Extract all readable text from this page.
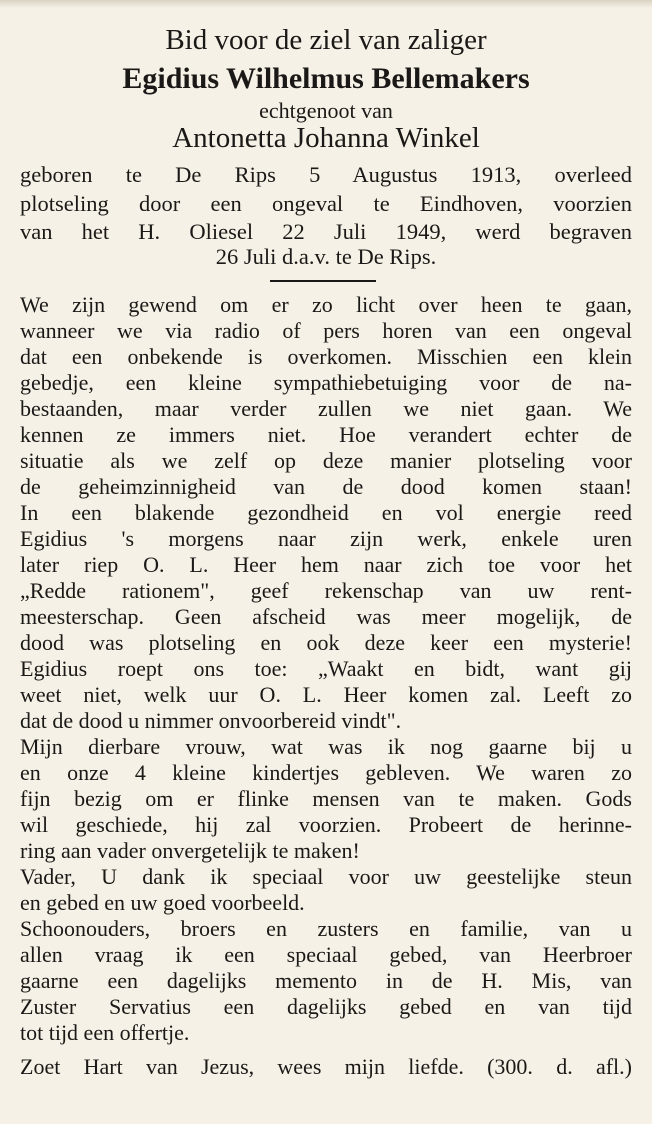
Bid voor de ziel van zaliger
Egidius Wilhelmus Bellemakers
echtgenoot van
Antonetta Johanna Winkel
geboren te De Rips 5 Augustus 1913, overleed
plotseling door een ongeval te Eindhoven, voorzien
van het H. Oliesel 22 Juli 1949, werd begraven
26 Juli d.a.v. te De Rips.
We zijn gewend om er zo licht over heen te gaan,
wanneer we via radio of pers horen van een ongeval
dat een onbekende is overkomen. Misschien een klein
gebedje, een kleine sympathiebetuiging voor de na-
bestaanden, maar verder zullen we niet gaan. We
kennen ze immers niet. Hoe verandert echter de
situatie als we zelf op deze manier plotseling voor
de geheimzinnigheid van de dood komen staan!
In een blakende gezondheid en vol energie reed
Egidius 's morgens naar zijn werk, enkele uren
later riep O. L. Heer hem naar zich toe voor het
„Redde rationem", geef rekenschap van uw rent-
meesterschap. Geen afscheid was meer mogelijk, de
dood was plotseling en ook deze keer een mysterie!
Egidius roept ons toe: „Waakt en bidt, want gij
weet niet, welk uur O. L. Heer komen zal. Leeft zo
dat de dood u nimmer onvoorbereid vindt".
Mijn dierbare vrouw, wat was ik nog gaarne bij u
en onze 4 kleine kindertjes gebleven. We waren zo
fijn bezig om er flinke mensen van te maken. Gods
wil geschiede, hij zal voorzien. Probeert de herinne-
ring aan vader onvergetelijk te maken!
Vader, U dank ik speciaal voor uw geestelijke steun
en gebed en uw goed voorbeeld.
Schoonouders, broers en zusters en familie, van u
allen vraag ik een speciaal gebed, van Heerbroer
gaarne een dagelijks memento in de H. Mis, van
Zuster Servatius een dagelijks gebed en van tijd
tot tijd een offertje.
Zoet Hart van Jezus, wees mijn liefde. (300. d. afl.)
